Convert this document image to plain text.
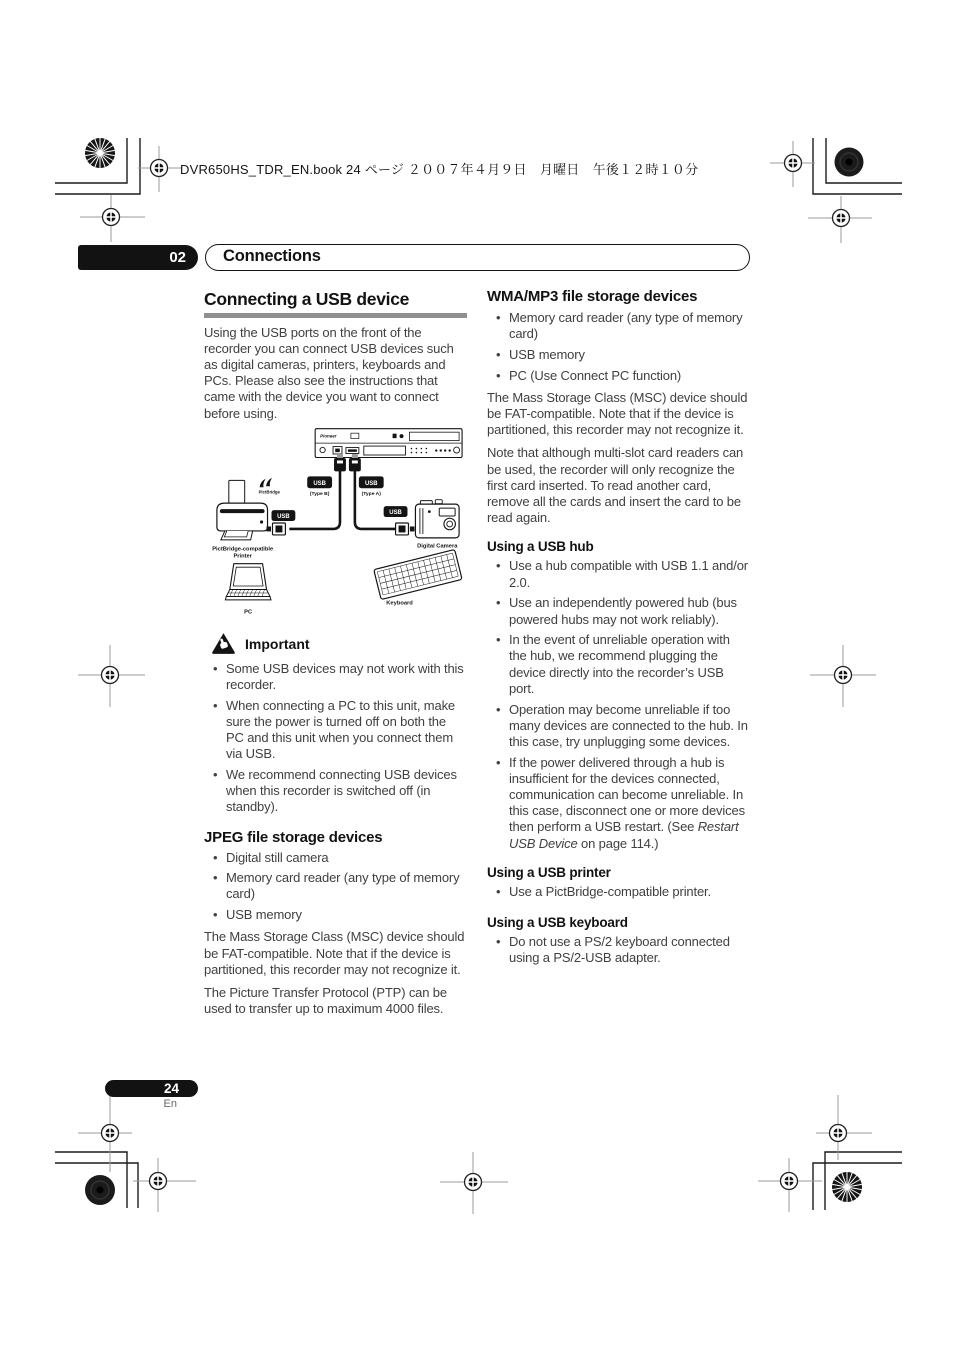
DVR650HS_TDR_EN.book 24 ページ ２００７年４月９日　月曜日　午後１２時１０分
02	Connections
Connecting a USB device

Using the USB ports on the front of the recorder you can connect USB devices such as digital cameras, printers, keyboards and PCs. Please also see the instructions that came with the device you want to connect before using.

Pioneer
USB
(Type B)
USB
(Type A)
PictBridge
USB
PictBridge-compatible
Printer
PC
USB
Digital Camera
Keyboard
Important
• Some USB devices may not work with this recorder.
• When connecting a PC to this unit, make sure the power is turned off on both the PC and this unit when you connect them via USB.
• We recommend connecting USB devices when this recorder is switched off (in standby).
JPEG file storage devices
• Digital still camera
• Memory card reader (any type of memory card)
• USB memory

The Mass Storage Class (MSC) device should be FAT-compatible. Note that if the device is partitioned, this recorder may not recognize it.

The Picture Transfer Protocol (PTP) can be used to transfer up to maximum 4000 files.

WMA/MP3 file storage devices
• Memory card reader (any type of memory card)
• USB memory
• PC (Use Connect PC function)

The Mass Storage Class (MSC) device should be FAT-compatible. Note that if the device is partitioned, this recorder may not recognize it.

Note that although multi-slot card readers can be used, the recorder will only recognize the first card inserted. To read another card, remove all the cards and insert the card to be read again.

Using a USB hub
• Use a hub compatible with USB 1.1 and/or 2.0.
• Use an independently powered hub (bus powered hubs may not work reliably).
• In the event of unreliable operation with the hub, we recommend plugging the device directly into the recorder’s USB port.
• Operation may become unreliable if too many devices are connected to the hub. In this case, try unplugging some devices.
• If the power delivered through a hub is insufficient for the devices connected, communication can become unreliable. In this case, disconnect one or more devices then perform a USB restart. (See Restart USB Device on page 114.)
Using a USB printer
• Use a PictBridge-compatible printer.
Using a USB keyboard
• Do not use a PS/2 keyboard connected using a PS/2-USB adapter.
24
En
